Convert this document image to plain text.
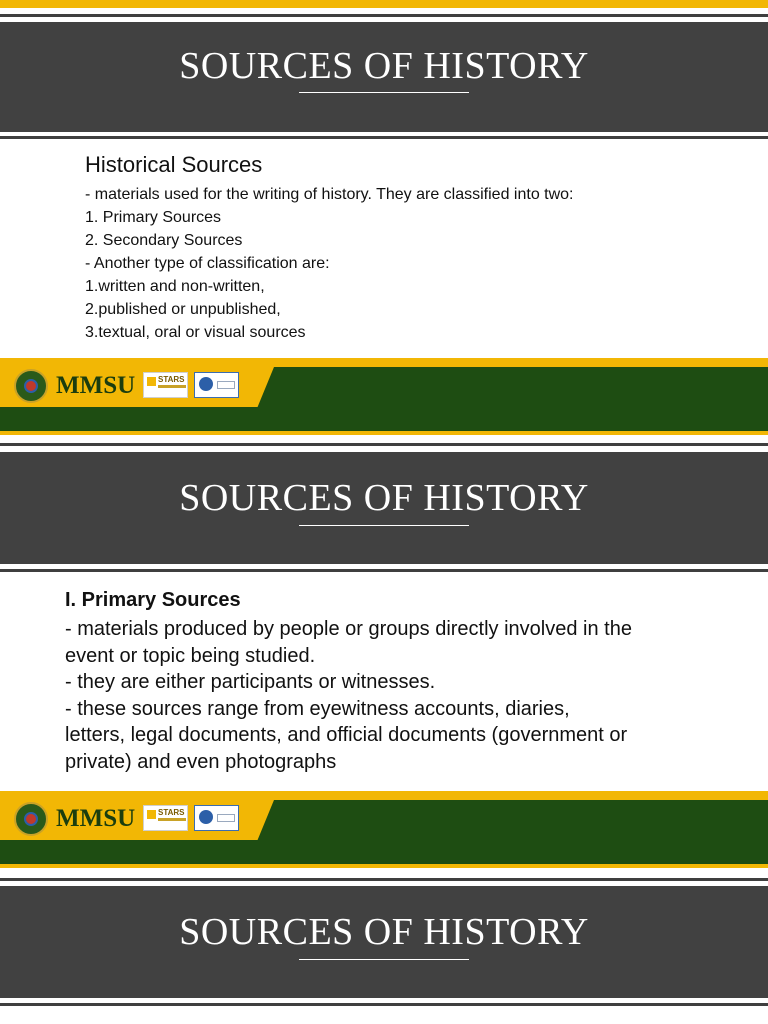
SOURCES OF HISTORY
Historical Sources
- materials used for the writing of history. They are classified into two:
1. Primary Sources
2. Secondary Sources
- Another type of classification are:
1.written and non-written,
2.published or unpublished,
3.textual, oral or visual sources
MMSU	STARS
SOURCES OF HISTORY
I. Primary Sources
- materials produced by people or groups directly involved in the
event or topic being studied.
- they are either participants or witnesses.
- these sources range from eyewitness accounts, diaries,
letters, legal documents, and official documents (government or
private) and even photographs
MMSU	STARS
SOURCES OF HISTORY
